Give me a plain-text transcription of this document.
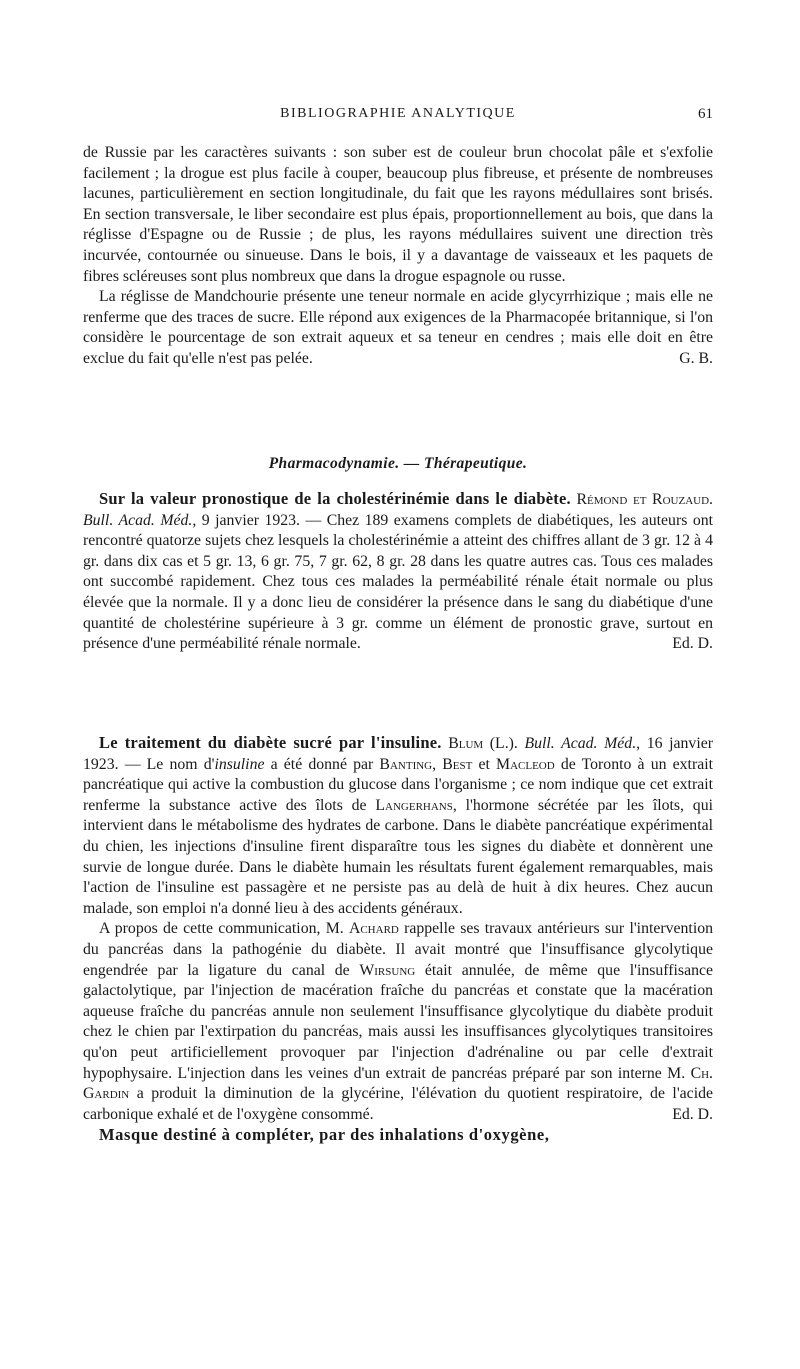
BIBLIOGRAPHIE ANALYTIQUE	61

de Russie par les caractères suivants : son suber est de couleur brun chocolat pâle et s'exfolie facilement ; la drogue est plus facile à couper, beaucoup plus fibreuse, et présente de nombreuses lacunes, particulièrement en section longitudinale, du fait que les rayons médullaires sont brisés. En section transversale, le liber secondaire est plus épais, proportionnellement au bois, que dans la réglisse d'Espagne ou de Russie ; de plus, les rayons médullaires suivent une direction très incurvée, contournée ou sinueuse. Dans le bois, il y a davantage de vaisseaux et les paquets de fibres scléreuses sont plus nombreux que dans la drogue espagnole ou russe.

La réglisse de Mandchourie présente une teneur normale en acide glycyrrhizique ; mais elle ne renferme que des traces de sucre. Elle répond aux exigences de la Pharmacopée britannique, si l'on considère le pourcentage de son extrait aqueux et sa teneur en cendres ; mais elle doit en être exclue du fait qu'elle n'est pas pelée.	G. B.

Pharmacodynamie. — Thérapeutique.

Sur la valeur pronostique de la cholestérinémie dans le diabète. Rémond et Rouzaud. Bull. Acad. Méd., 9 janvier 1923. — Chez 189 examens complets de diabétiques, les auteurs ont rencontré quatorze sujets chez lesquels la cholestérinémie a atteint des chiffres allant de 3 gr. 12 à 4 gr. dans dix cas et 5 gr. 13, 6 gr. 75, 7 gr. 62, 8 gr. 28 dans les quatre autres cas. Tous ces malades ont succombé rapidement. Chez tous ces malades la perméabilité rénale était normale ou plus élevée que la normale. Il y a donc lieu de considérer la présence dans le sang du diabétique d'une quantité de cholestérine supérieure à 3 gr. comme un élément de pronostic grave, surtout en présence d'une perméabilité rénale normale.	Ed. D.

Le traitement du diabète sucré par l'insuline. Blum (L.). Bull. Acad. Méd., 16 janvier 1923. — Le nom d'insuline a été donné par Banting, Best et Macleod de Toronto à un extrait pancréatique qui active la combustion du glucose dans l'organisme ; ce nom indique que cet extrait renferme la substance active des îlots de Langerhans, l'hormone sécrétée par les îlots, qui intervient dans le métabolisme des hydrates de carbone. Dans le diabète pancréatique expérimental du chien, les injections d'insuline firent disparaître tous les signes du diabète et donnèrent une survie de longue durée. Dans le diabète humain les résultats furent également remarquables, mais l'action de l'insuline est passagère et ne persiste pas au delà de huit à dix heures. Chez aucun malade, son emploi n'a donné lieu à des accidents généraux.

A propos de cette communication, M. Achard rappelle ses travaux antérieurs sur l'intervention du pancréas dans la pathogénie du diabète. Il avait montré que l'insuffisance glycolytique engendrée par la ligature du canal de Wirsung était annulée, de même que l'insuffisance galactolytique, par l'injection de macération fraîche du pancréas et constate que la macération aqueuse fraîche du pancréas annule non seulement l'insuffisance glycolytique du diabète produit chez le chien par l'extirpation du pancréas, mais aussi les insuffisances glycolytiques transitoires qu'on peut artificiellement provoquer par l'injection d'adrénaline ou par celle d'extrait hypophysaire. L'injection dans les veines d'un extrait de pancréas préparé par son interne M. Ch. Gardin a produit la diminution de la glycérine, l'élévation du quotient respiratoire, de l'acide carbonique exhalé et de l'oxygène consommé.	Ed. D.

Masque destiné à compléter, par des inhalations d'oxygène,
